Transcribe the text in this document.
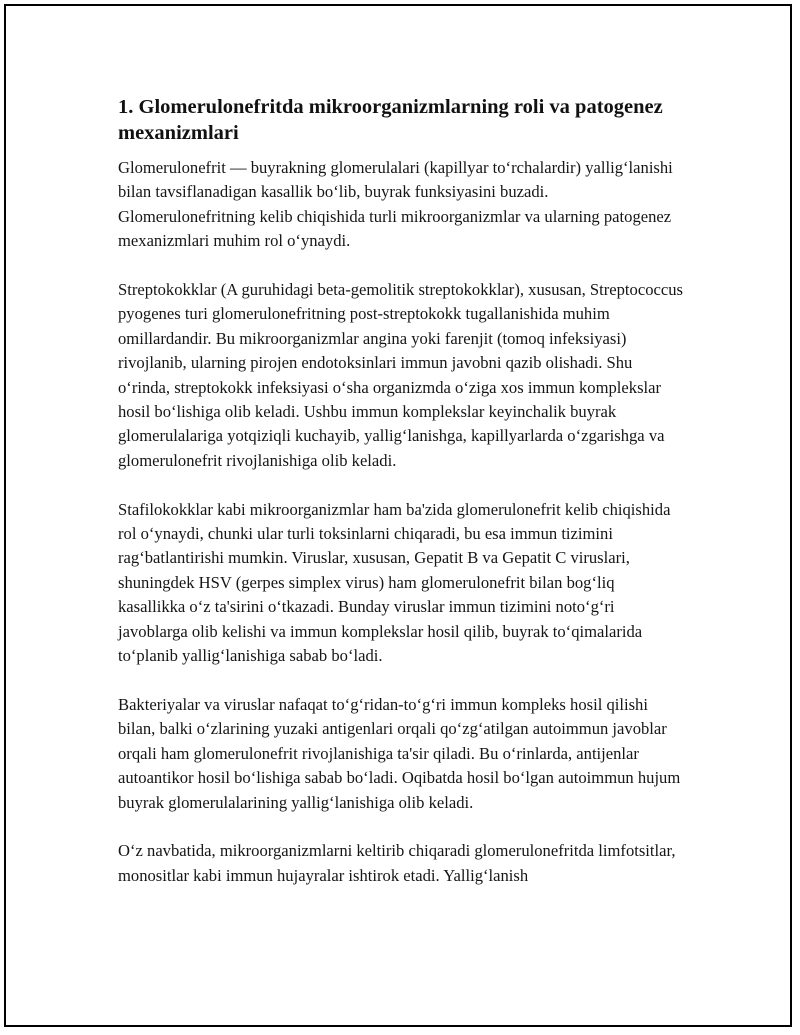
1. Glomerulonefritda mikroorganizmlarning roli va patogenez mexanizmlari

Glomerulonefrit — buyrakning glomerulalari (kapillyar to‘rchalardir) yallig‘lanishi bilan tavsiflanadigan kasallik bo‘lib, buyrak funksiyasini buzadi. Glomerulonefritning kelib chiqishida turli mikroorganizmlar va ularning patogenez mexanizmlari muhim rol o‘ynaydi.

Streptokokklar (A guruhidagi beta-gemolitik streptokokklar), xususan, Streptococcus pyogenes turi glomerulonefritning post-streptokokk tugallanishida muhim omillardandir. Bu mikroorganizmlar angina yoki farenjit (tomoq infeksiyasi) rivojlanib, ularning pirojen endotoksinlari immun javobni qazib olishadi. Shu o‘rinda, streptokokk infeksiyasi o‘sha organizmda o‘ziga xos immun komplekslar hosil bo‘lishiga olib keladi. Ushbu immun komplekslar keyinchalik buyrak glomerulalariga yotqiziqli kuchayib, yallig‘lanishga, kapillyarlarda o‘zgarishga va glomerulonefrit rivojlanishiga olib keladi.

Stafilokokklar kabi mikroorganizmlar ham ba'zida glomerulonefrit kelib chiqishida rol o‘ynaydi, chunki ular turli toksinlarni chiqaradi, bu esa immun tizimini rag‘batlantirishi mumkin. Viruslar, xususan, Gepatit B va Gepatit C viruslari, shuningdek HSV (gerpes simplex virus) ham glomerulonefrit bilan bog‘liq kasallikka o‘z ta'sirini o‘tkazadi. Bunday viruslar immun tizimini noto‘g‘ri javoblarga olib kelishi va immun komplekslar hosil qilib, buyrak to‘qimalarida to‘planib yallig‘lanishiga sabab bo‘ladi.

Bakteriyalar va viruslar nafaqat to‘g‘ridan-to‘g‘ri immun kompleks hosil qilishi bilan, balki o‘zlarining yuzaki antigenlari orqali qo‘zg‘atilgan autoimmun javoblar orqali ham glomerulonefrit rivojlanishiga ta'sir qiladi. Bu o‘rinlarda, antijenlar autoantikor hosil bo‘lishiga sabab bo‘ladi. Oqibatda hosil bo‘lgan autoimmun hujum buyrak glomerulalarining yallig‘lanishiga olib keladi.

O‘z navbatida, mikroorganizmlarni keltirib chiqaradi glomerulonefritda limfotsitlar, monositlar kabi immun hujayralar ishtirok etadi. Yallig‘lanish
